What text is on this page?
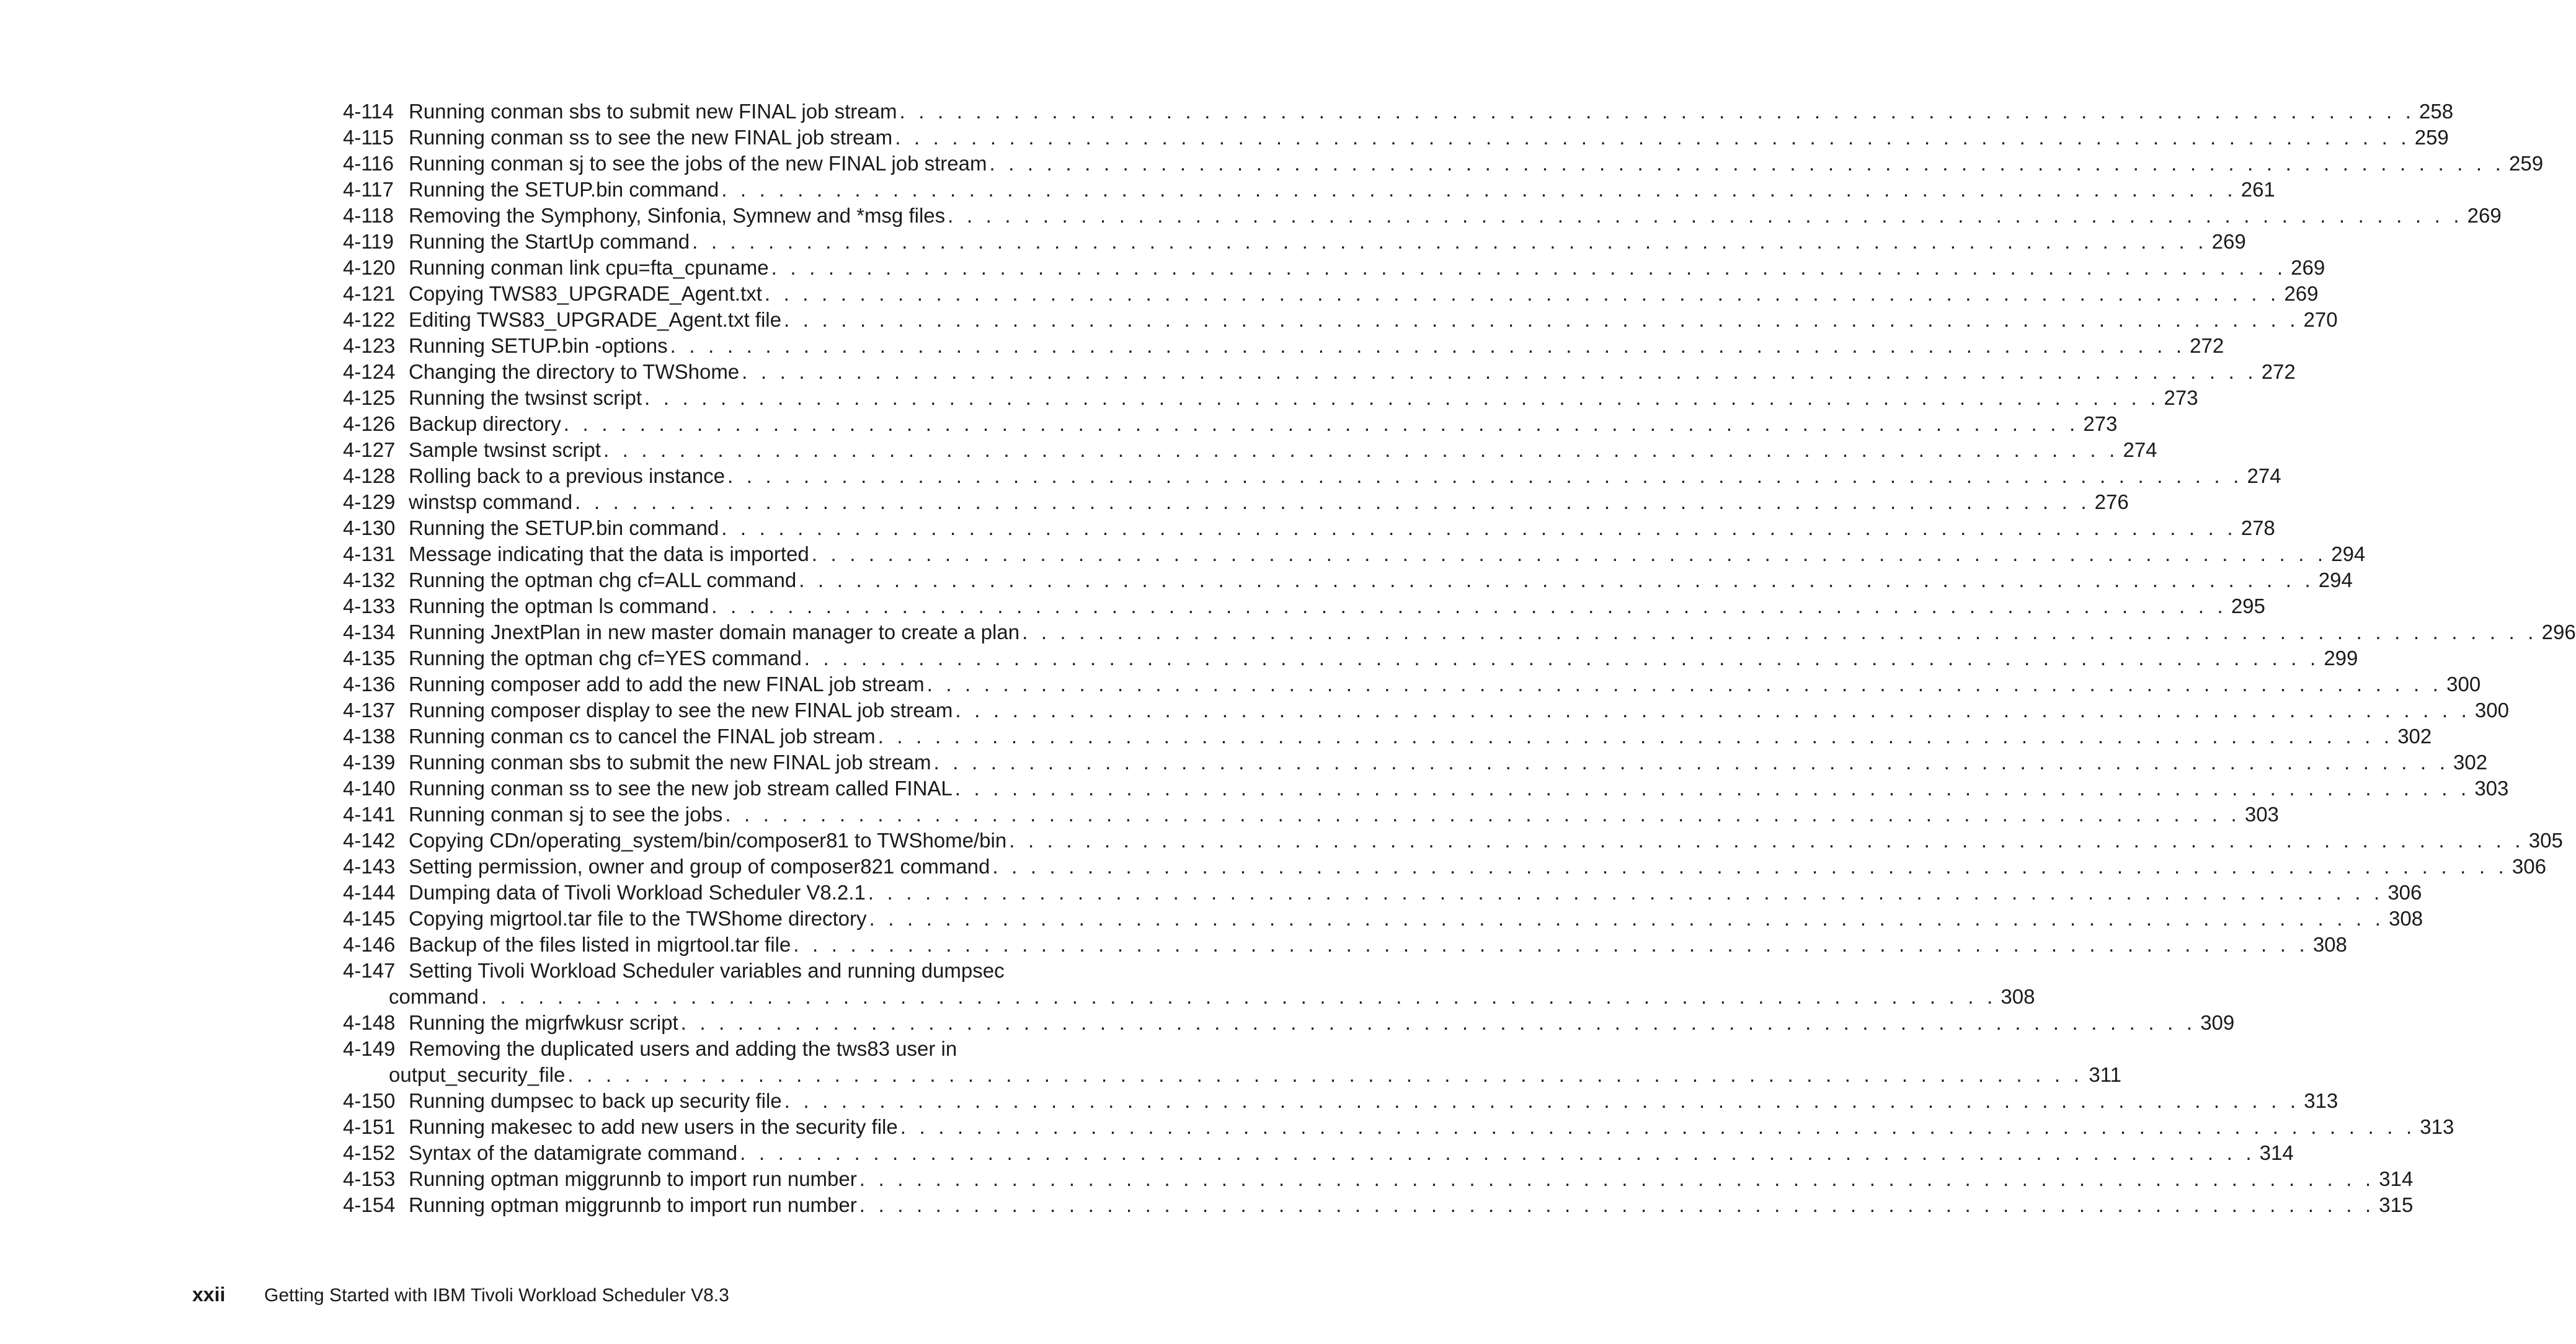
4-114 Running conman sbs to submit new FINAL job stream . . . . . . . . . . . . . . . . . . . . . . . . . . . . . . . . . . . . . . . . . . . . . . . . . . . . . . . . . . . . . . . . . . . . . . . . . . . . . . . . 258
4-115 Running conman ss to see the new FINAL job stream . . . . . . . . . . . . . . . . . . . . . . . . . . . . . . . . . . . . . . . . . . . . . . . . . . . . . . . . . . . . . . . . . . . . . . . . . . . . . . . . 259
4-116 Running conman sj to see the jobs of the new FINAL job stream . . . . . . . . . . . . . . . . . . . . . . . . . . . . . . . . . . . . . . . . . . . . . . . . . . . . . . . . . . . . . . . . . . . . . . . . . . . . . . . . 259
4-117 Running the SETUP.bin command . . . . . . . . . . . . . . . . . . . . . . . . . . . . . . . . . . . . . . . . . . . . . . . . . . . . . . . . . . . . . . . . . . . . . . . . . . . . . . . . 261
4-118 Removing the Symphony, Sinfonia, Symnew and *msg files . . . . . . . . . . . . . . . . . . . . . . . . . . . . . . . . . . . . . . . . . . . . . . . . . . . . . . . . . . . . . . . . . . . . . . . . . . . . . . . . 269
4-119 Running the StartUp command . . . . . . . . . . . . . . . . . . . . . . . . . . . . . . . . . . . . . . . . . . . . . . . . . . . . . . . . . . . . . . . . . . . . . . . . . . . . . . . . 269
4-120 Running conman link cpu=fta_cpuname . . . . . . . . . . . . . . . . . . . . . . . . . . . . . . . . . . . . . . . . . . . . . . . . . . . . . . . . . . . . . . . . . . . . . . . . . . . . . . . . 269
4-121 Copying TWS83_UPGRADE_Agent.txt . . . . . . . . . . . . . . . . . . . . . . . . . . . . . . . . . . . . . . . . . . . . . . . . . . . . . . . . . . . . . . . . . . . . . . . . . . . . . . . . 269
4-122 Editing TWS83_UPGRADE_Agent.txt file . . . . . . . . . . . . . . . . . . . . . . . . . . . . . . . . . . . . . . . . . . . . . . . . . . . . . . . . . . . . . . . . . . . . . . . . . . . . . . . . 270
4-123 Running SETUP.bin -options . . . . . . . . . . . . . . . . . . . . . . . . . . . . . . . . . . . . . . . . . . . . . . . . . . . . . . . . . . . . . . . . . . . . . . . . . . . . . . . . 272
4-124 Changing the directory to TWShome . . . . . . . . . . . . . . . . . . . . . . . . . . . . . . . . . . . . . . . . . . . . . . . . . . . . . . . . . . . . . . . . . . . . . . . . . . . . . . . . 272
4-125 Running the twsinst script . . . . . . . . . . . . . . . . . . . . . . . . . . . . . . . . . . . . . . . . . . . . . . . . . . . . . . . . . . . . . . . . . . . . . . . . . . . . . . . . 273
4-126 Backup directory . . . . . . . . . . . . . . . . . . . . . . . . . . . . . . . . . . . . . . . . . . . . . . . . . . . . . . . . . . . . . . . . . . . . . . . . . . . . . . . . 273
4-127 Sample twsinst script . . . . . . . . . . . . . . . . . . . . . . . . . . . . . . . . . . . . . . . . . . . . . . . . . . . . . . . . . . . . . . . . . . . . . . . . . . . . . . . . 274
4-128 Rolling back to a previous instance . . . . . . . . . . . . . . . . . . . . . . . . . . . . . . . . . . . . . . . . . . . . . . . . . . . . . . . . . . . . . . . . . . . . . . . . . . . . . . . . 274
4-129 winstsp command . . . . . . . . . . . . . . . . . . . . . . . . . . . . . . . . . . . . . . . . . . . . . . . . . . . . . . . . . . . . . . . . . . . . . . . . . . . . . . . . 276
4-130 Running the SETUP.bin command . . . . . . . . . . . . . . . . . . . . . . . . . . . . . . . . . . . . . . . . . . . . . . . . . . . . . . . . . . . . . . . . . . . . . . . . . . . . . . . . 278
4-131 Message indicating that the data is imported . . . . . . . . . . . . . . . . . . . . . . . . . . . . . . . . . . . . . . . . . . . . . . . . . . . . . . . . . . . . . . . . . . . . . . . . . . . . . . . . 294
4-132 Running the optman chg cf=ALL command . . . . . . . . . . . . . . . . . . . . . . . . . . . . . . . . . . . . . . . . . . . . . . . . . . . . . . . . . . . . . . . . . . . . . . . . . . . . . . . . 294
4-133 Running the optman ls command . . . . . . . . . . . . . . . . . . . . . . . . . . . . . . . . . . . . . . . . . . . . . . . . . . . . . . . . . . . . . . . . . . . . . . . . . . . . . . . . 295
4-134 Running JnextPlan in new master domain manager to create a plan . . . . . . . . . . . . . . . . . . . . . . . . . . . . . . . . . . . . . . . . . . . . . . . . . . . . . . . . . . . . . . . . . . . . . . . . . . . . . . . . 296
4-135 Running the optman chg cf=YES command . . . . . . . . . . . . . . . . . . . . . . . . . . . . . . . . . . . . . . . . . . . . . . . . . . . . . . . . . . . . . . . . . . . . . . . . . . . . . . . . 299
4-136 Running composer add to add the new FINAL job stream . . . . . . . . . . . . . . . . . . . . . . . . . . . . . . . . . . . . . . . . . . . . . . . . . . . . . . . . . . . . . . . . . . . . . . . . . . . . . . . . 300
4-137 Running composer display to see the new FINAL job stream . . . . . . . . . . . . . . . . . . . . . . . . . . . . . . . . . . . . . . . . . . . . . . . . . . . . . . . . . . . . . . . . . . . . . . . . . . . . . . . . 300
4-138 Running conman cs to cancel the FINAL job stream . . . . . . . . . . . . . . . . . . . . . . . . . . . . . . . . . . . . . . . . . . . . . . . . . . . . . . . . . . . . . . . . . . . . . . . . . . . . . . . . 302
4-139 Running conman sbs to submit the new FINAL job stream . . . . . . . . . . . . . . . . . . . . . . . . . . . . . . . . . . . . . . . . . . . . . . . . . . . . . . . . . . . . . . . . . . . . . . . . . . . . . . . . 302
4-140 Running conman ss to see the new job stream called FINAL . . . . . . . . . . . . . . . . . . . . . . . . . . . . . . . . . . . . . . . . . . . . . . . . . . . . . . . . . . . . . . . . . . . . . . . . . . . . . . . . 303
4-141 Running conman sj to see the jobs . . . . . . . . . . . . . . . . . . . . . . . . . . . . . . . . . . . . . . . . . . . . . . . . . . . . . . . . . . . . . . . . . . . . . . . . . . . . . . . . 303
4-142 Copying CDn/operating_system/bin/composer81 to TWShome/bin . . . . . . . . . . . . . . . . . . . . . . . . . . . . . . . . . . . . . . . . . . . . . . . . . . . . . . . . . . . . . . . . . . . . . . . . . . . . . . . . 305
4-143 Setting permission, owner and group of composer821 command . . . . . . . . . . . . . . . . . . . . . . . . . . . . . . . . . . . . . . . . . . . . . . . . . . . . . . . . . . . . . . . . . . . . . . . . . . . . . . . . 306
4-144 Dumping data of Tivoli Workload Scheduler V8.2.1 . . . . . . . . . . . . . . . . . . . . . . . . . . . . . . . . . . . . . . . . . . . . . . . . . . . . . . . . . . . . . . . . . . . . . . . . . . . . . . . . 306
4-145 Copying migrtool.tar file to the TWShome directory . . . . . . . . . . . . . . . . . . . . . . . . . . . . . . . . . . . . . . . . . . . . . . . . . . . . . . . . . . . . . . . . . . . . . . . . . . . . . . . . 308
4-146 Backup of the files listed in migrtool.tar file . . . . . . . . . . . . . . . . . . . . . . . . . . . . . . . . . . . . . . . . . . . . . . . . . . . . . . . . . . . . . . . . . . . . . . . . . . . . . . . . 308
4-147 Setting Tivoli Workload Scheduler variables and running dumpsec
command . . . . . . . . . . . . . . . . . . . . . . . . . . . . . . . . . . . . . . . . . . . . . . . . . . . . . . . . . . . . . . . . . . . . . . . . . . . . . . . . 308
4-148 Running the migrfwkusr script . . . . . . . . . . . . . . . . . . . . . . . . . . . . . . . . . . . . . . . . . . . . . . . . . . . . . . . . . . . . . . . . . . . . . . . . . . . . . . . . 309
4-149 Removing the duplicated users and adding the tws83 user in
output_security_file . . . . . . . . . . . . . . . . . . . . . . . . . . . . . . . . . . . . . . . . . . . . . . . . . . . . . . . . . . . . . . . . . . . . . . . . . . . . . . . . 311
4-150 Running dumpsec to back up security file . . . . . . . . . . . . . . . . . . . . . . . . . . . . . . . . . . . . . . . . . . . . . . . . . . . . . . . . . . . . . . . . . . . . . . . . . . . . . . . . 313
4-151 Running makesec to add new users in the security file . . . . . . . . . . . . . . . . . . . . . . . . . . . . . . . . . . . . . . . . . . . . . . . . . . . . . . . . . . . . . . . . . . . . . . . . . . . . . . . . 313
4-152 Syntax of the datamigrate command . . . . . . . . . . . . . . . . . . . . . . . . . . . . . . . . . . . . . . . . . . . . . . . . . . . . . . . . . . . . . . . . . . . . . . . . . . . . . . . . 314
4-153 Running optman miggrunnb to import run number . . . . . . . . . . . . . . . . . . . . . . . . . . . . . . . . . . . . . . . . . . . . . . . . . . . . . . . . . . . . . . . . . . . . . . . . . . . . . . . . 314
4-154 Running optman miggrunnb to import run number . . . . . . . . . . . . . . . . . . . . . . . . . . . . . . . . . . . . . . . . . . . . . . . . . . . . . . . . . . . . . . . . . . . . . . . . . . . . . . . . 315
xxii Getting Started with IBM Tivoli Workload Scheduler V8.3
